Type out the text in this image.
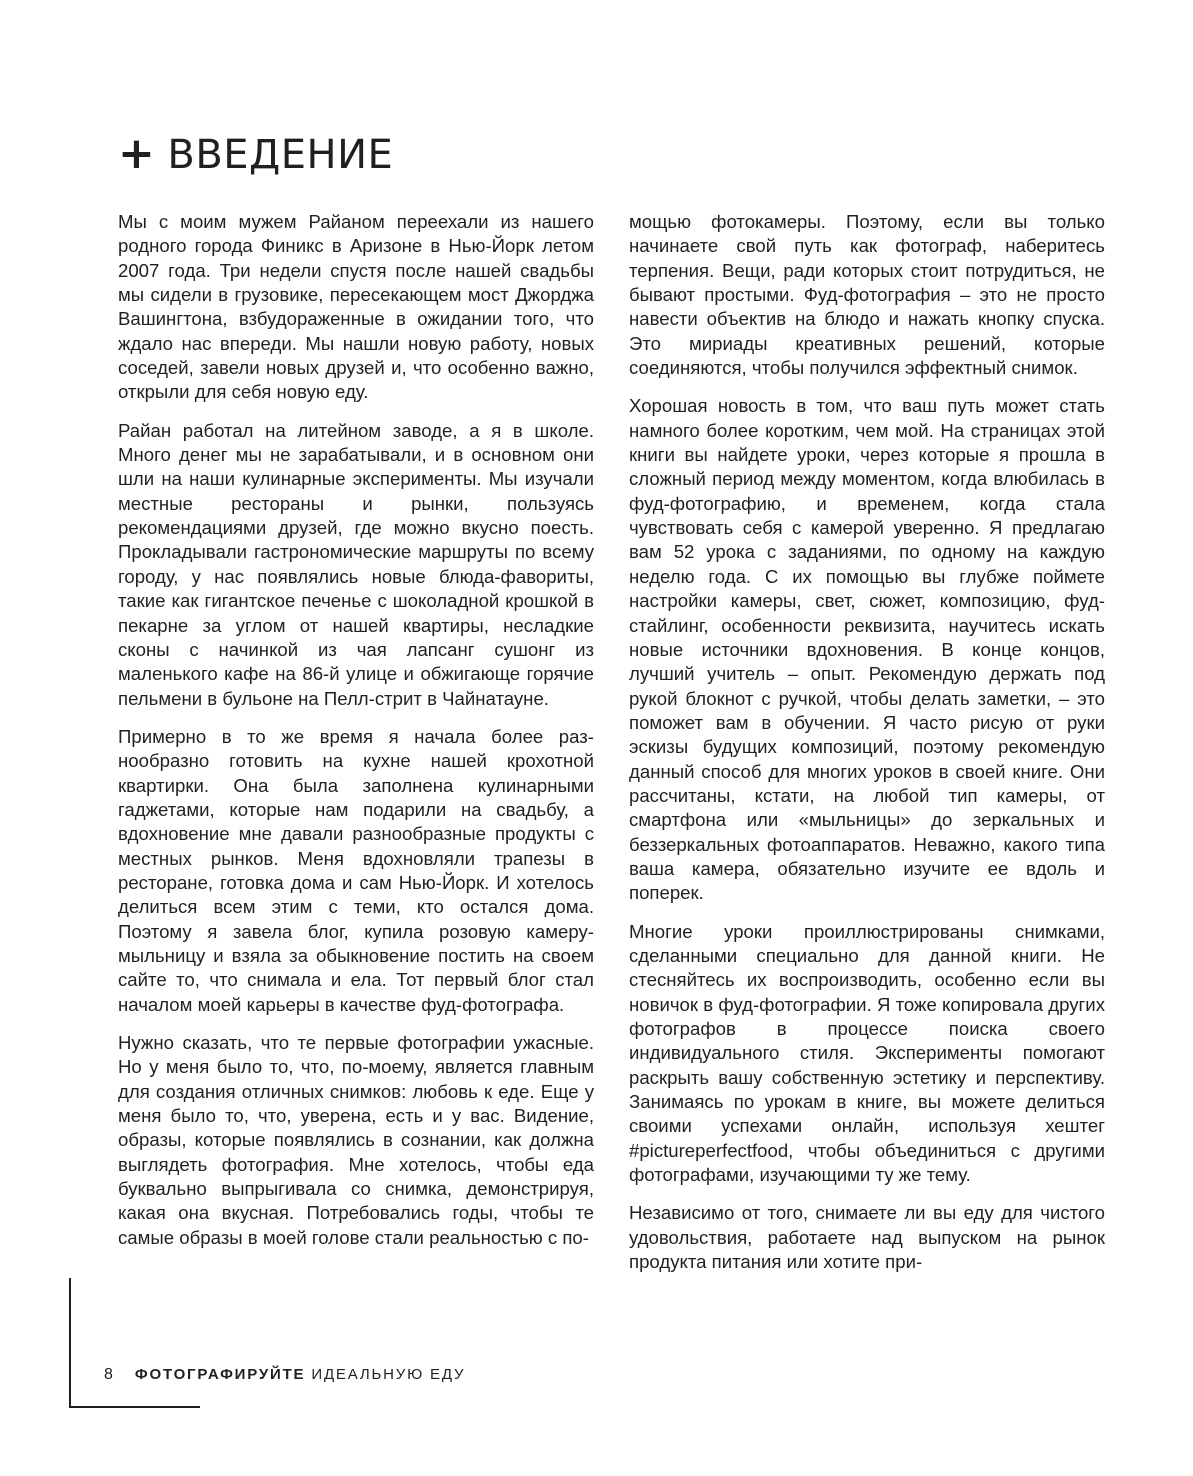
+ ВВЕДЕНИЕ

Мы с моим мужем Райаном переехали из нашего родного города Финикс в Аризоне в Нью-Йорк летом 2007 года. Три недели спустя после нашей свадьбы мы сидели в грузовике, пересекающем мост Джорджа Вашингтона, взбудораженные в ожидании того, что ждало нас впереди. Мы нашли новую работу, новых соседей, завели новых друзей и, что особенно важно, открыли для себя новую еду.

Райан работал на литейном заводе, а я в школе. Много денег мы не зарабатывали, и в основном они шли на наши кулинарные эксперименты. Мы изучали местные рестораны и рынки, пользуясь рекомендациями друзей, где можно вкусно поесть. Прокладывали гастрономические маршруты по всему городу, у нас появлялись новые блюда-фавориты, такие как гигантское печенье с шоколадной крошкой в пекарне за углом от нашей квартиры, несладкие сконы с начинкой из чая лапсанг сушонг из маленького кафе на 86-й улице и обжигающе горячие пельмени в бульоне на Пелл-стрит в Чайнатауне.

Примерно в то же время я начала более разнообразно готовить на кухне нашей крохотной квартирки. Она была заполнена кулинарными гаджетами, которые нам подарили на свадьбу, а вдохновение мне давали разнообразные продукты с местных рынков. Меня вдохновляли трапезы в ресторане, готовка дома и сам Нью-Йорк. И хотелось делиться всем этим с теми, кто остался дома. Поэтому я завела блог, купила розовую камеру-мыльницу и взяла за обыкновение постить на своем сайте то, что снимала и ела. Тот первый блог стал началом моей карьеры в качестве фуд-фотографа.

Нужно сказать, что те первые фотографии ужасные. Но у меня было то, что, по-моему, является главным для создания отличных снимков: любовь к еде. Еще у меня было то, что, уверена, есть и у вас. Видение, образы, которые появлялись в сознании, как должна выглядеть фотография. Мне хотелось, чтобы еда буквально выпрыгивала со снимка, демонстрируя, какая она вкусная. Потребовались годы, чтобы те самые образы в моей голове стали реальностью с по-

мощью фотокамеры. Поэтому, если вы только начинаете свой путь как фотограф, наберитесь терпения. Вещи, ради которых стоит потрудиться, не бывают простыми. Фуд-фотография – это не просто навести объектив на блюдо и нажать кнопку спуска. Это мириады креативных решений, которые соединяются, чтобы получился эффектный снимок.

Хорошая новость в том, что ваш путь может стать намного более коротким, чем мой. На страницах этой книги вы найдете уроки, через которые я прошла в сложный период между моментом, когда влюбилась в фуд-фотографию, и временем, когда стала чувствовать себя с камерой уверенно. Я предлагаю вам 52 урока с заданиями, по одному на каждую неделю года. С их помощью вы глубже поймете настройки камеры, свет, сюжет, композицию, фуд-стайлинг, особенности реквизита, научитесь искать новые источники вдохновения. В конце концов, лучший учитель – опыт. Рекомендую держать под рукой блокнот с ручкой, чтобы делать заметки, – это поможет вам в обучении. Я часто рисую от руки эскизы будущих композиций, поэтому рекомендую данный способ для многих уроков в своей книге. Они рассчитаны, кстати, на любой тип камеры, от смартфона или «мыльницы» до зеркальных и беззеркальных фотоаппаратов. Неважно, какого типа ваша камера, обязательно изучите ее вдоль и поперек.

Многие уроки проиллюстрированы снимками, сделанными специально для данной книги. Не стесняйтесь их воспроизводить, особенно если вы новичок в фуд-фотографии. Я тоже копировала других фотографов в процессе поиска своего индивидуального стиля. Эксперименты помогают раскрыть вашу собственную эстетику и перспективу. Занимаясь по урокам в книге, вы можете делиться своими успехами онлайн, используя хештег #pictureperfectfood, чтобы объединиться с другими фотографами, изучающими ту же тему.

Независимо от того, снимаете ли вы еду для чистого удовольствия, работаете над выпуском на рынок продукта питания или хотите при-

8 ФОТОГРАФИРУЙТЕ ИДЕАЛЬНУЮ ЕДУ
